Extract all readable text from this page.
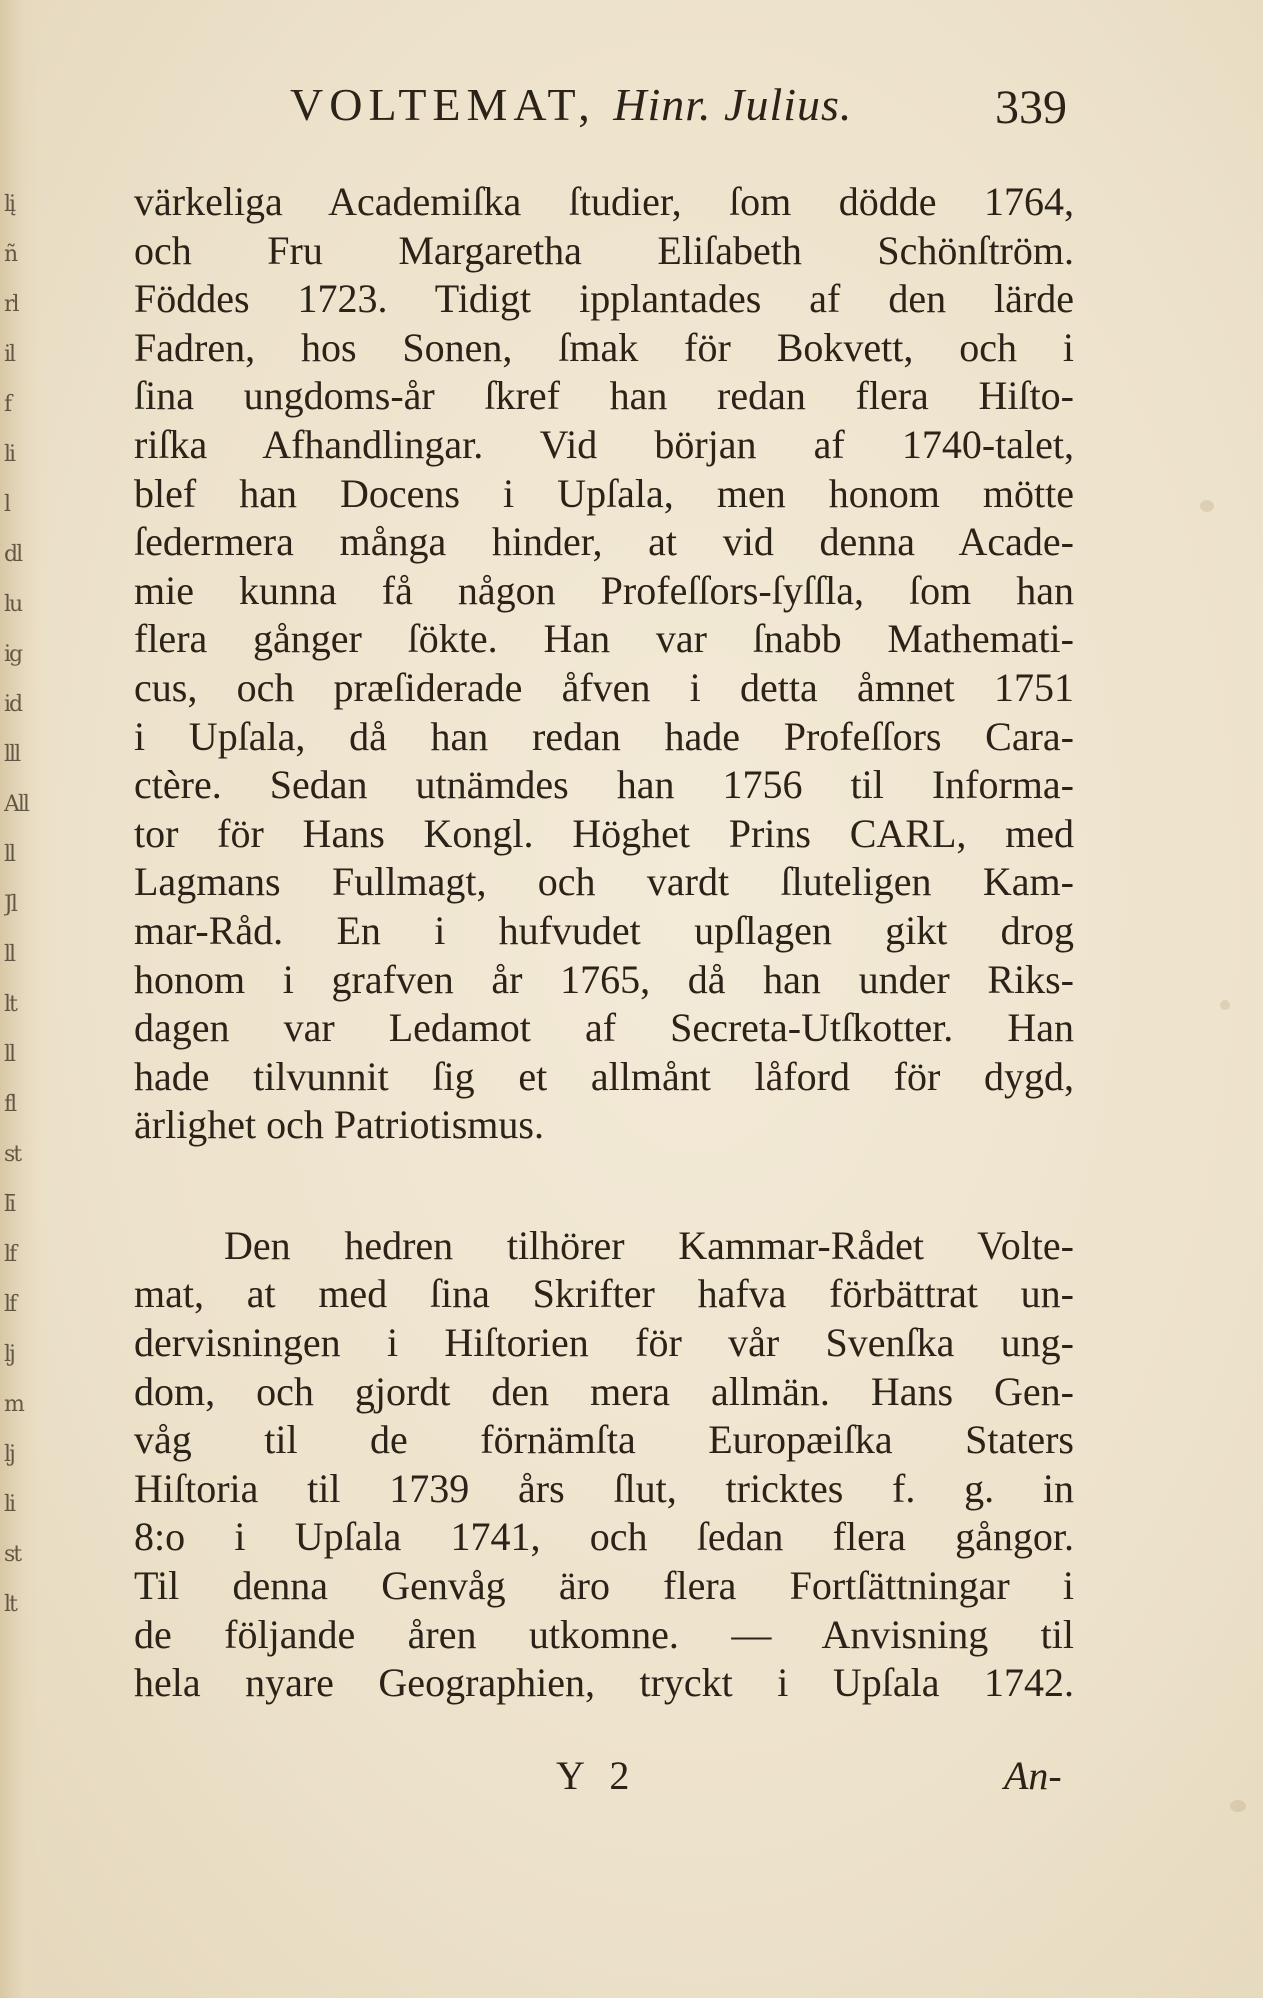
lį
ñ
rl
il
f
li
l
dl
lu
ig
id
lll
All
ll
Jl
ll
lt
ll
fl
st
lī
lf
lf
lj
m
lj
li
st
lt
VOLTEMAT, Hinr. Julius.	339
värkeliga Academiſka ſtudier, ſom dödde 1764,
och Fru Margaretha Eliſabeth Schönſtröm.
Föddes 1723. Tidigt ipplantades af den lärde
Fadren, hos Sonen, ſmak för Bokvett, och i
ſina ungdoms-år ſkref han redan flera Hiſto-
riſka Afhandlingar. Vid början af 1740-talet,
blef han Docens i Upſala, men honom mötte
ſedermera många hinder, at vid denna Acade-
mie kunna få någon Profeſſors-ſyſſla, ſom han
flera gånger ſökte. Han var ſnabb Mathemati-
cus, och præſiderade åfven i detta åmnet 1751
i Upſala, då han redan hade Profeſſors Cara-
ctère. Sedan utnämdes han 1756 til Informa-
tor för Hans Kongl. Höghet Prins CARL, med
Lagmans Fullmagt, och vardt ſluteligen Kam-
mar-Råd. En i hufvudet upſlagen gikt drog
honom i grafven år 1765, då han under Riks-
dagen var Ledamot af Secreta-Utſkotter. Han
hade tilvunnit ſig et allmånt låford för dygd,
ärlighet och Patriotismus.
Den hedren tilhörer Kammar-Rådet Volte-
mat, at med ſina Skrifter hafva förbättrat un-
dervisningen i Hiſtorien för vår Svenſka ung-
dom, och gjordt den mera allmän. Hans Gen-
våg til de förnämſta Europæiſka Staters
Hiſtoria til 1739 års ſlut, tricktes f. g. in
8:o i Upſala 1741, och ſedan flera gångor.
Til denna Genvåg äro flera Fortſättningar i
de följande åren utkomne. — Anvisning til
hela nyare Geographien, tryckt i Upſala 1742.
Y 2	An-
